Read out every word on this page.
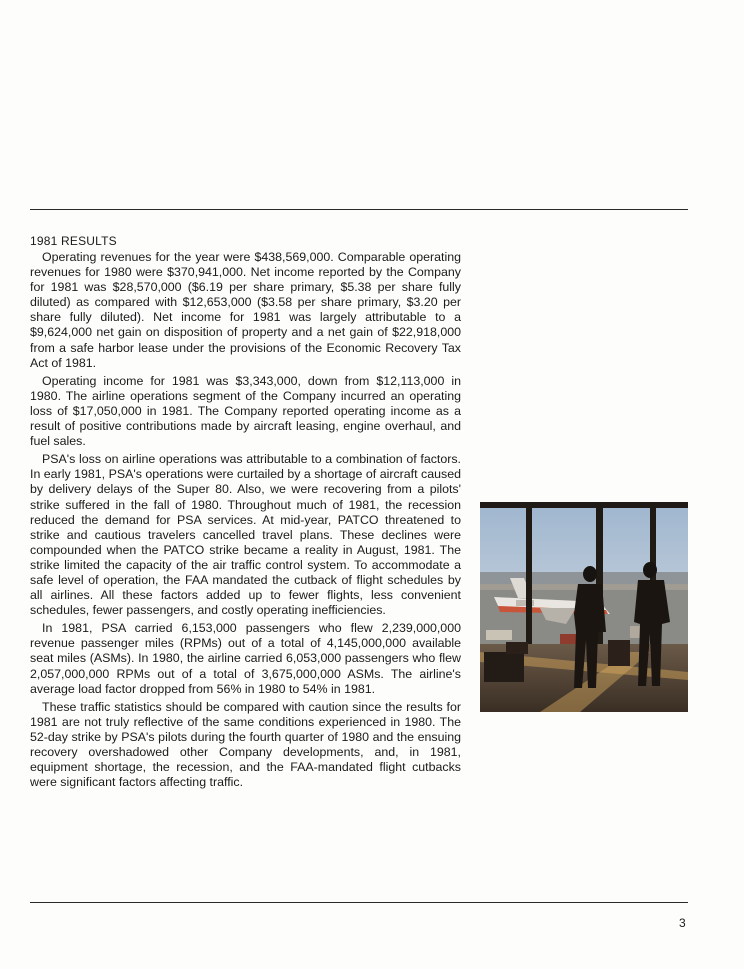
1981 RESULTS

Operating revenues for the year were $438,569,000. Comparable operating revenues for 1980 were $370,941,000. Net income reported by the Company for 1981 was $28,570,000 ($6.19 per share primary, $5.38 per share fully diluted) as compared with $12,653,000 ($3.58 per share primary, $3.20 per share fully diluted). Net income for 1981 was largely attributable to a $9,624,000 net gain on disposition of property and a net gain of $22,918,000 from a safe harbor lease under the provisions of the Economic Recovery Tax Act of 1981.

Operating income for 1981 was $3,343,000, down from $12,113,000 in 1980. The airline operations segment of the Company incurred an operating loss of $17,050,000 in 1981. The Company reported operating income as a result of positive contributions made by aircraft leasing, engine overhaul, and fuel sales.

PSA's loss on airline operations was attributable to a combination of factors. In early 1981, PSA's operations were curtailed by a shortage of aircraft caused by delivery delays of the Super 80. Also, we were recovering from a pilots' strike suffered in the fall of 1980. Throughout much of 1981, the recession reduced the demand for PSA services. At mid-year, PATCO threatened to strike and cautious travelers cancelled travel plans. These declines were compounded when the PATCO strike became a reality in August, 1981. The strike limited the capacity of the air traffic control system. To accommodate a safe level of operation, the FAA mandated the cutback of flight schedules by all airlines. All these factors added up to fewer flights, less convenient schedules, fewer passengers, and costly operating inefficiencies.

In 1981, PSA carried 6,153,000 passengers who flew 2,239,000,000 revenue passenger miles (RPMs) out of a total of 4,145,000,000 available seat miles (ASMs). In 1980, the airline carried 6,053,000 passengers who flew 2,057,000,000 RPMs out of a total of 3,675,000,000 ASMs. The airline's average load factor dropped from 56% in 1980 to 54% in 1981.

These traffic statistics should be compared with caution since the results for 1981 are not truly reflective of the same conditions experienced in 1980. The 52-day strike by PSA's pilots during the fourth quarter of 1980 and the ensuing recovery overshadowed other Company developments, and, in 1981, equipment shortage, the recession, and the FAA-mandated flight cutbacks were significant factors affecting traffic.

3
